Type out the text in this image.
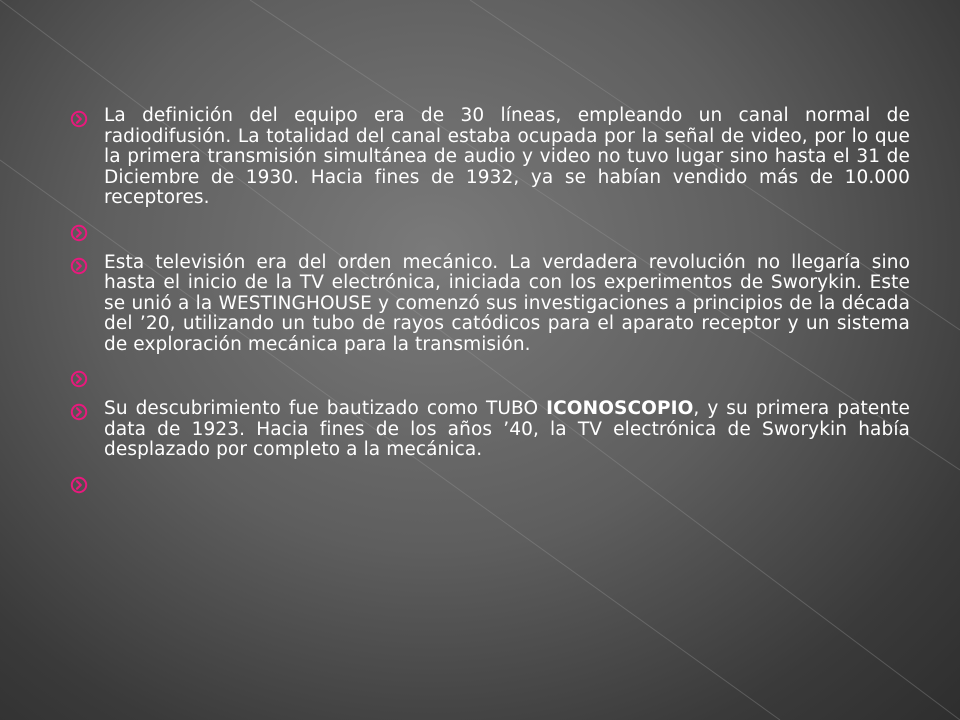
La definición del equipo era de 30 líneas, empleando un canal normal de radiodifusión. La totalidad del canal estaba ocupada por la señal de video, por lo que la primera transmisión simultánea de audio y video no tuvo lugar sino hasta el 31 de Diciembre de 1930. Hacia fines de 1932, ya se habían vendido más de 10.000 receptores.
Esta televisión era del orden mecánico. La verdadera revolución no llegaría sino hasta el inicio de la TV electrónica, iniciada con los experimentos de Sworykin. Este se unió a la WESTINGHOUSE y comenzó sus investigaciones a principios de la década del ’20, utilizando un tubo de rayos catódicos para el aparato receptor y un sistema de exploración mecánica para la transmisión.
Su descubrimiento fue bautizado como TUBO ICONOSCOPIO, y su primera patente data de 1923. Hacia fines de los años ’40, la TV electrónica de Sworykin había desplazado por completo a la mecánica.
